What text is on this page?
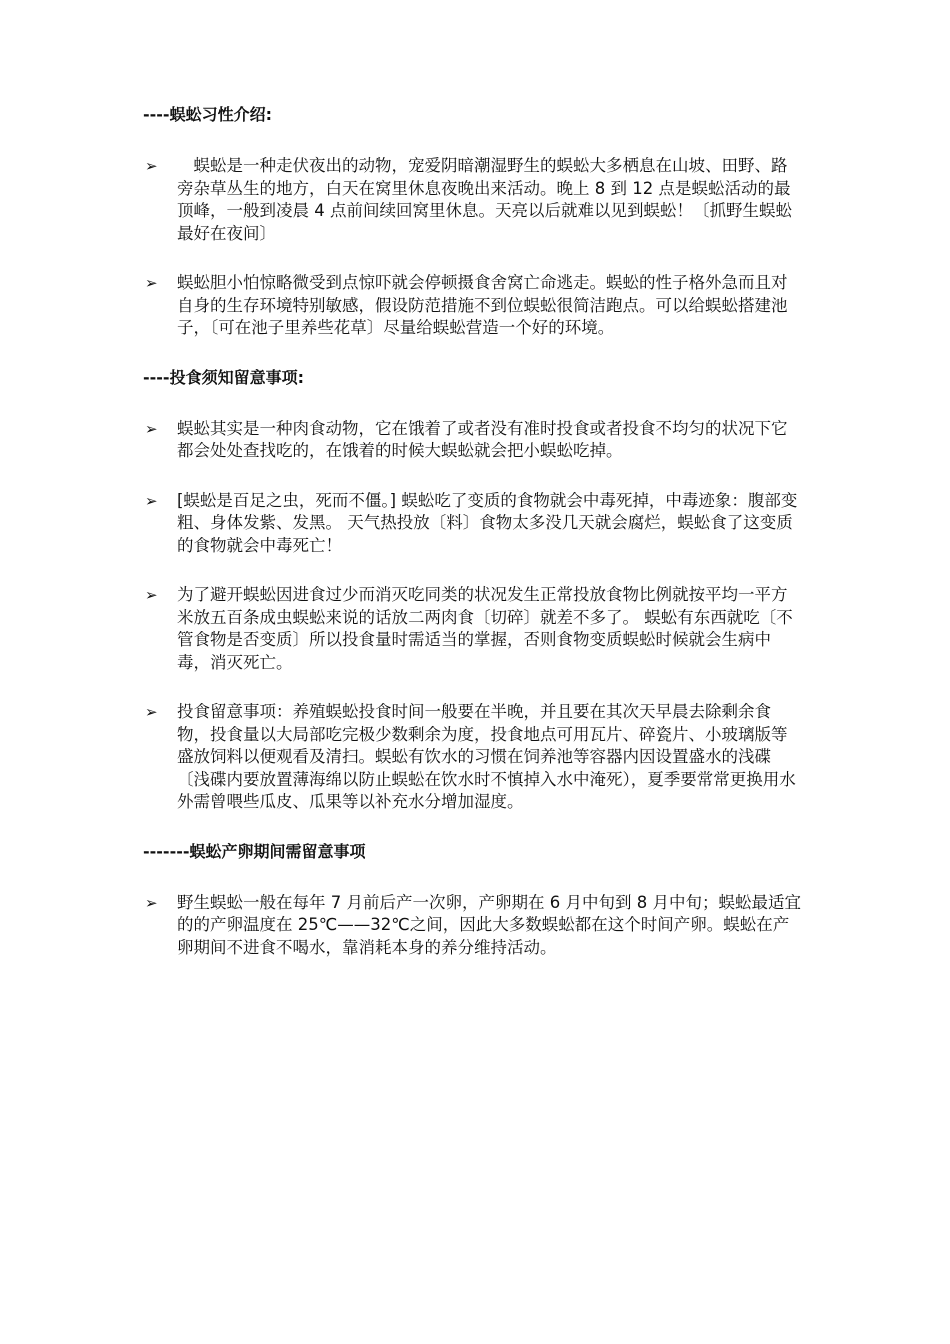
----蜈蚣习性介绍:
➢ 　蜈蚣是一种走伏夜出的动物，宠爱阴暗潮湿野生的蜈蚣大多栖息在山坡、田野、路旁杂草丛生的地方，白天在窝里休息夜晚出来活动。晚上 8 到 12 点是蜈蚣活动的最顶峰，一般到凌晨 4 点前间续回窝里休息。天亮以后就难以见到蜈蚣！〔抓野生蜈蚣最好在夜间〕
➢ 蜈蚣胆小怕惊略微受到点惊吓就会停顿摄食舍窝亡命逃走。蜈蚣的性子格外急而且对自身的生存环境特别敏感，假设防范措施不到位蜈蚣很简洁跑点。可以给蜈蚣搭建池子，〔可在池子里养些花草〕尽量给蜈蚣营造一个好的环境。
----投食须知留意事项:
➢ 蜈蚣其实是一种肉食动物，它在饿着了或者没有准时投食或者投食不均匀的状况下它都会处处查找吃的，在饿着的时候大蜈蚣就会把小蜈蚣吃掉。
➢ [蜈蚣是百足之虫，死而不僵。] 蜈蚣吃了变质的食物就会中毒死掉，中毒迹象：腹部变粗、身体发紫、发黑。 天气热投放〔料〕食物太多没几天就会腐烂，蜈蚣食了这变质的食物就会中毒死亡！
➢ 为了避开蜈蚣因进食过少而消灭吃同类的状况发生正常投放食物比例就按平均一平方米放五百条成虫蜈蚣来说的话放二两肉食〔切碎〕就差不多了。 蜈蚣有东西就吃〔不管食物是否变质〕所以投食量时需适当的掌握，否则食物变质蜈蚣时候就会生病中毒，消灭死亡。
➢ 投食留意事项：养殖蜈蚣投食时间一般要在半晚，并且要在其次天早晨去除剩余食物，投食量以大局部吃完极少数剩余为度，投食地点可用瓦片、碎瓷片、小玻璃版等盛放饲料以便观看及清扫。蜈蚣有饮水的习惯在饲养池等容器内因设置盛水的浅碟〔浅碟内要放置薄海绵以防止蜈蚣在饮水时不慎掉入水中淹死），夏季要常常更换用水外需曾喂些瓜皮、瓜果等以补充水分增加湿度。
-------蜈蚣产卵期间需留意事项
➢ 野生蜈蚣一般在每年 7 月前后产一次卵，产卵期在 6 月中旬到 8 月中旬；蜈蚣最适宜的的产卵温度在 25℃——32℃之间，因此大多数蜈蚣都在这个时间产卵。蜈蚣在产卵期间不进食不喝水，靠消耗本身的养分维持活动。
